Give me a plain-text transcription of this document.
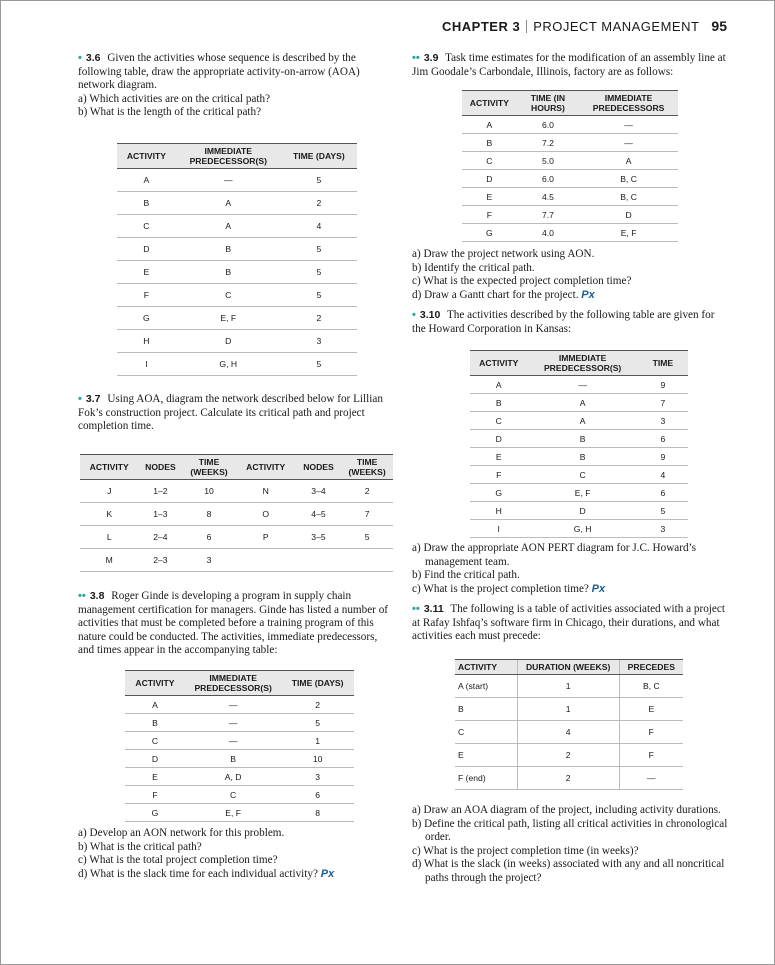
CHAPTER 3 PROJECT MANAGEMENT 95

• 3.6 Given the activities whose sequence is described by the following table, draw the appropriate activity-on-arrow (AOA) network diagram.

a) Which activities are on the critical path?

b) What is the length of the critical path?

ACTIVITY	IMMEDIATE PREDECESSOR(S)	TIME (DAYS)
A	—	5
B	A	2
C	A	4
D	B	5
E	B	5
F	C	5
G	E, F	2
H	D	3
I	G, H	5

• 3.7 Using AOA, diagram the network described below for Lillian Fok’s construction project. Calculate its critical path and project completion time.

ACTIVITY	NODES	TIME (WEEKS)	ACTIVITY	NODES	TIME (WEEKS)
J	1–2	10	N	3–4	2
K	1–3	8	O	4–5	7
L	2–4	6	P	3–5	5
M	2–3	3			

•• 3.8 Roger Ginde is developing a program in supply chain management certification for managers. Ginde has listed a number of activities that must be completed before a training program of this nature could be conducted. The activities, immediate predecessors, and times appear in the accompanying table:

ACTIVITY	IMMEDIATE PREDECESSOR(S)	TIME (DAYS)
A	—	2
B	—	5
C	—	1
D	B	10
E	A, D	3
F	C	6
G	E, F	8

a) Develop an AON network for this problem.

b) What is the critical path?

c) What is the total project completion time?

d) What is the slack time for each individual activity? Px

•• 3.9 Task time estimates for the modification of an assembly line at Jim Goodale’s Carbondale, Illinois, factory are as follows:

ACTIVITY	TIME (IN HOURS)	IMMEDIATE PREDECESSORS
A	6.0	—
B	7.2	—
C	5.0	A
D	6.0	B, C
E	4.5	B, C
F	7.7	D
G	4.0	E, F

a) Draw the project network using AON.

b) Identify the critical path.

c) What is the expected project completion time?

d) Draw a Gantt chart for the project. Px

• 3.10 The activities described by the following table are given for the Howard Corporation in Kansas:

ACTIVITY	IMMEDIATE PREDECESSOR(S)	TIME
A	—	9
B	A	7
C	A	3
D	B	6
E	B	9
F	C	4
G	E, F	6
H	D	5
I	G, H	3

a) Draw the appropriate AON PERT diagram for J.C. Howard’s management team.

b) Find the critical path.

c) What is the project completion time? Px

•• 3.11 The following is a table of activities associated with a project at Rafay Ishfaq’s software firm in Chicago, their durations, and what activities each must precede:

ACTIVITY	DURATION (WEEKS)	PRECEDES
A (start)	1	B, C
B	1	E
C	4	F
E	2	F
F (end)	2	—

a) Draw an AOA diagram of the project, including activity durations.

b) Define the critical path, listing all critical activities in chronological order.

c) What is the project completion time (in weeks)?

d) What is the slack (in weeks) associated with any and all noncritical paths through the project?
